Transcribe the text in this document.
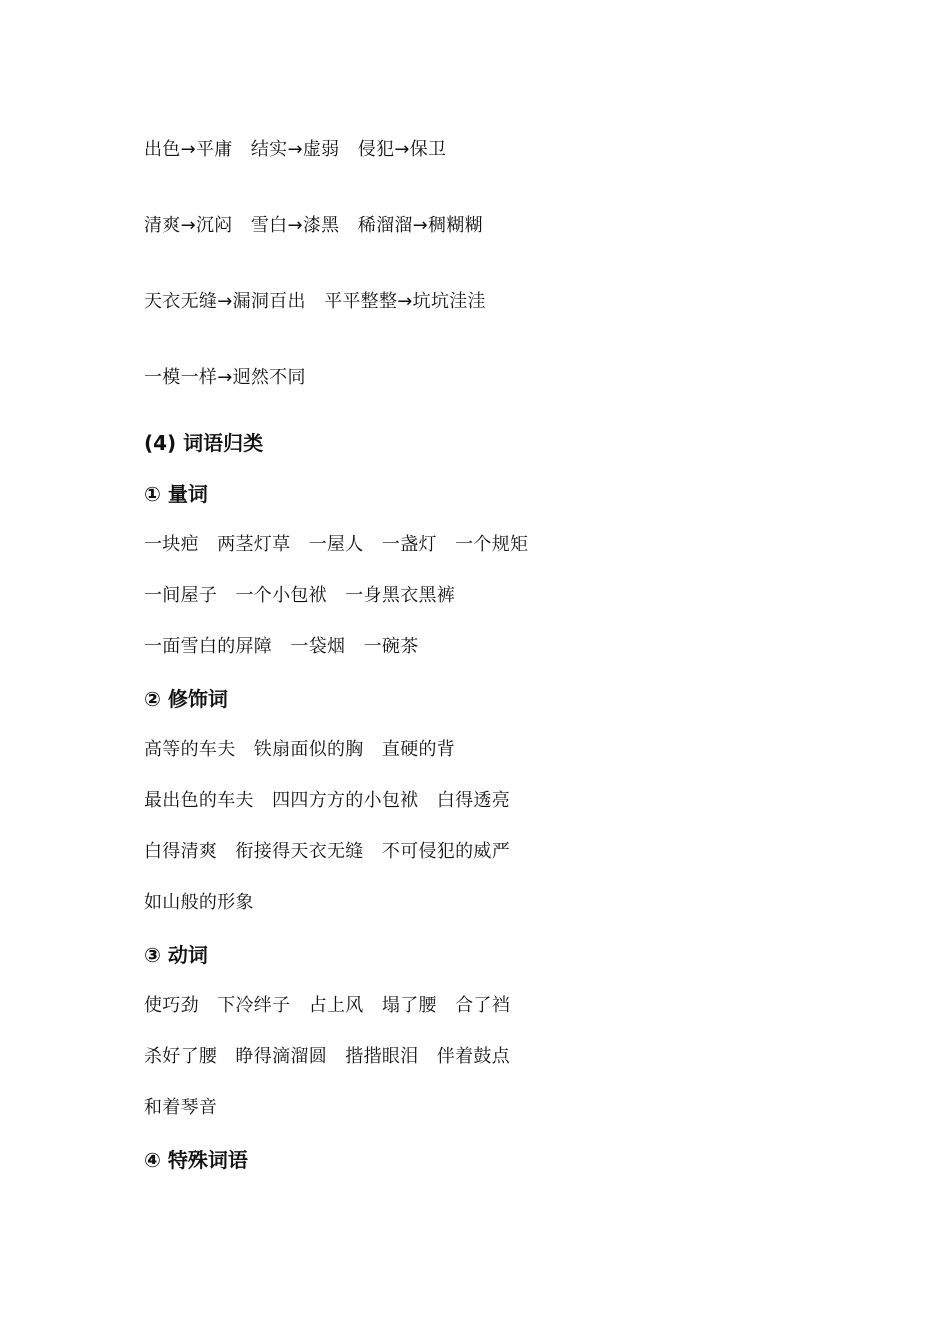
出色→平庸　结实→虚弱　侵犯→保卫
清爽→沉闷　雪白→漆黑　稀溜溜→稠糊糊
天衣无缝→漏洞百出　平平整整→坑坑洼洼
一模一样→迥然不同
(4) 词语归类
① 量词
一块疤　两茎灯草　一屋人　一盏灯　一个规矩
一间屋子　一个小包袱　一身黑衣黑裤
一面雪白的屏障　一袋烟　一碗茶
② 修饰词
高等的车夫　铁扇面似的胸　直硬的背
最出色的车夫　四四方方的小包袱　白得透亮
白得清爽　衔接得天衣无缝　不可侵犯的威严
如山般的形象
③ 动词
使巧劲　下冷绊子　占上风　塌了腰　合了裆
杀好了腰　睁得滴溜圆　揩揩眼泪　伴着鼓点
和着琴音
④ 特殊词语
